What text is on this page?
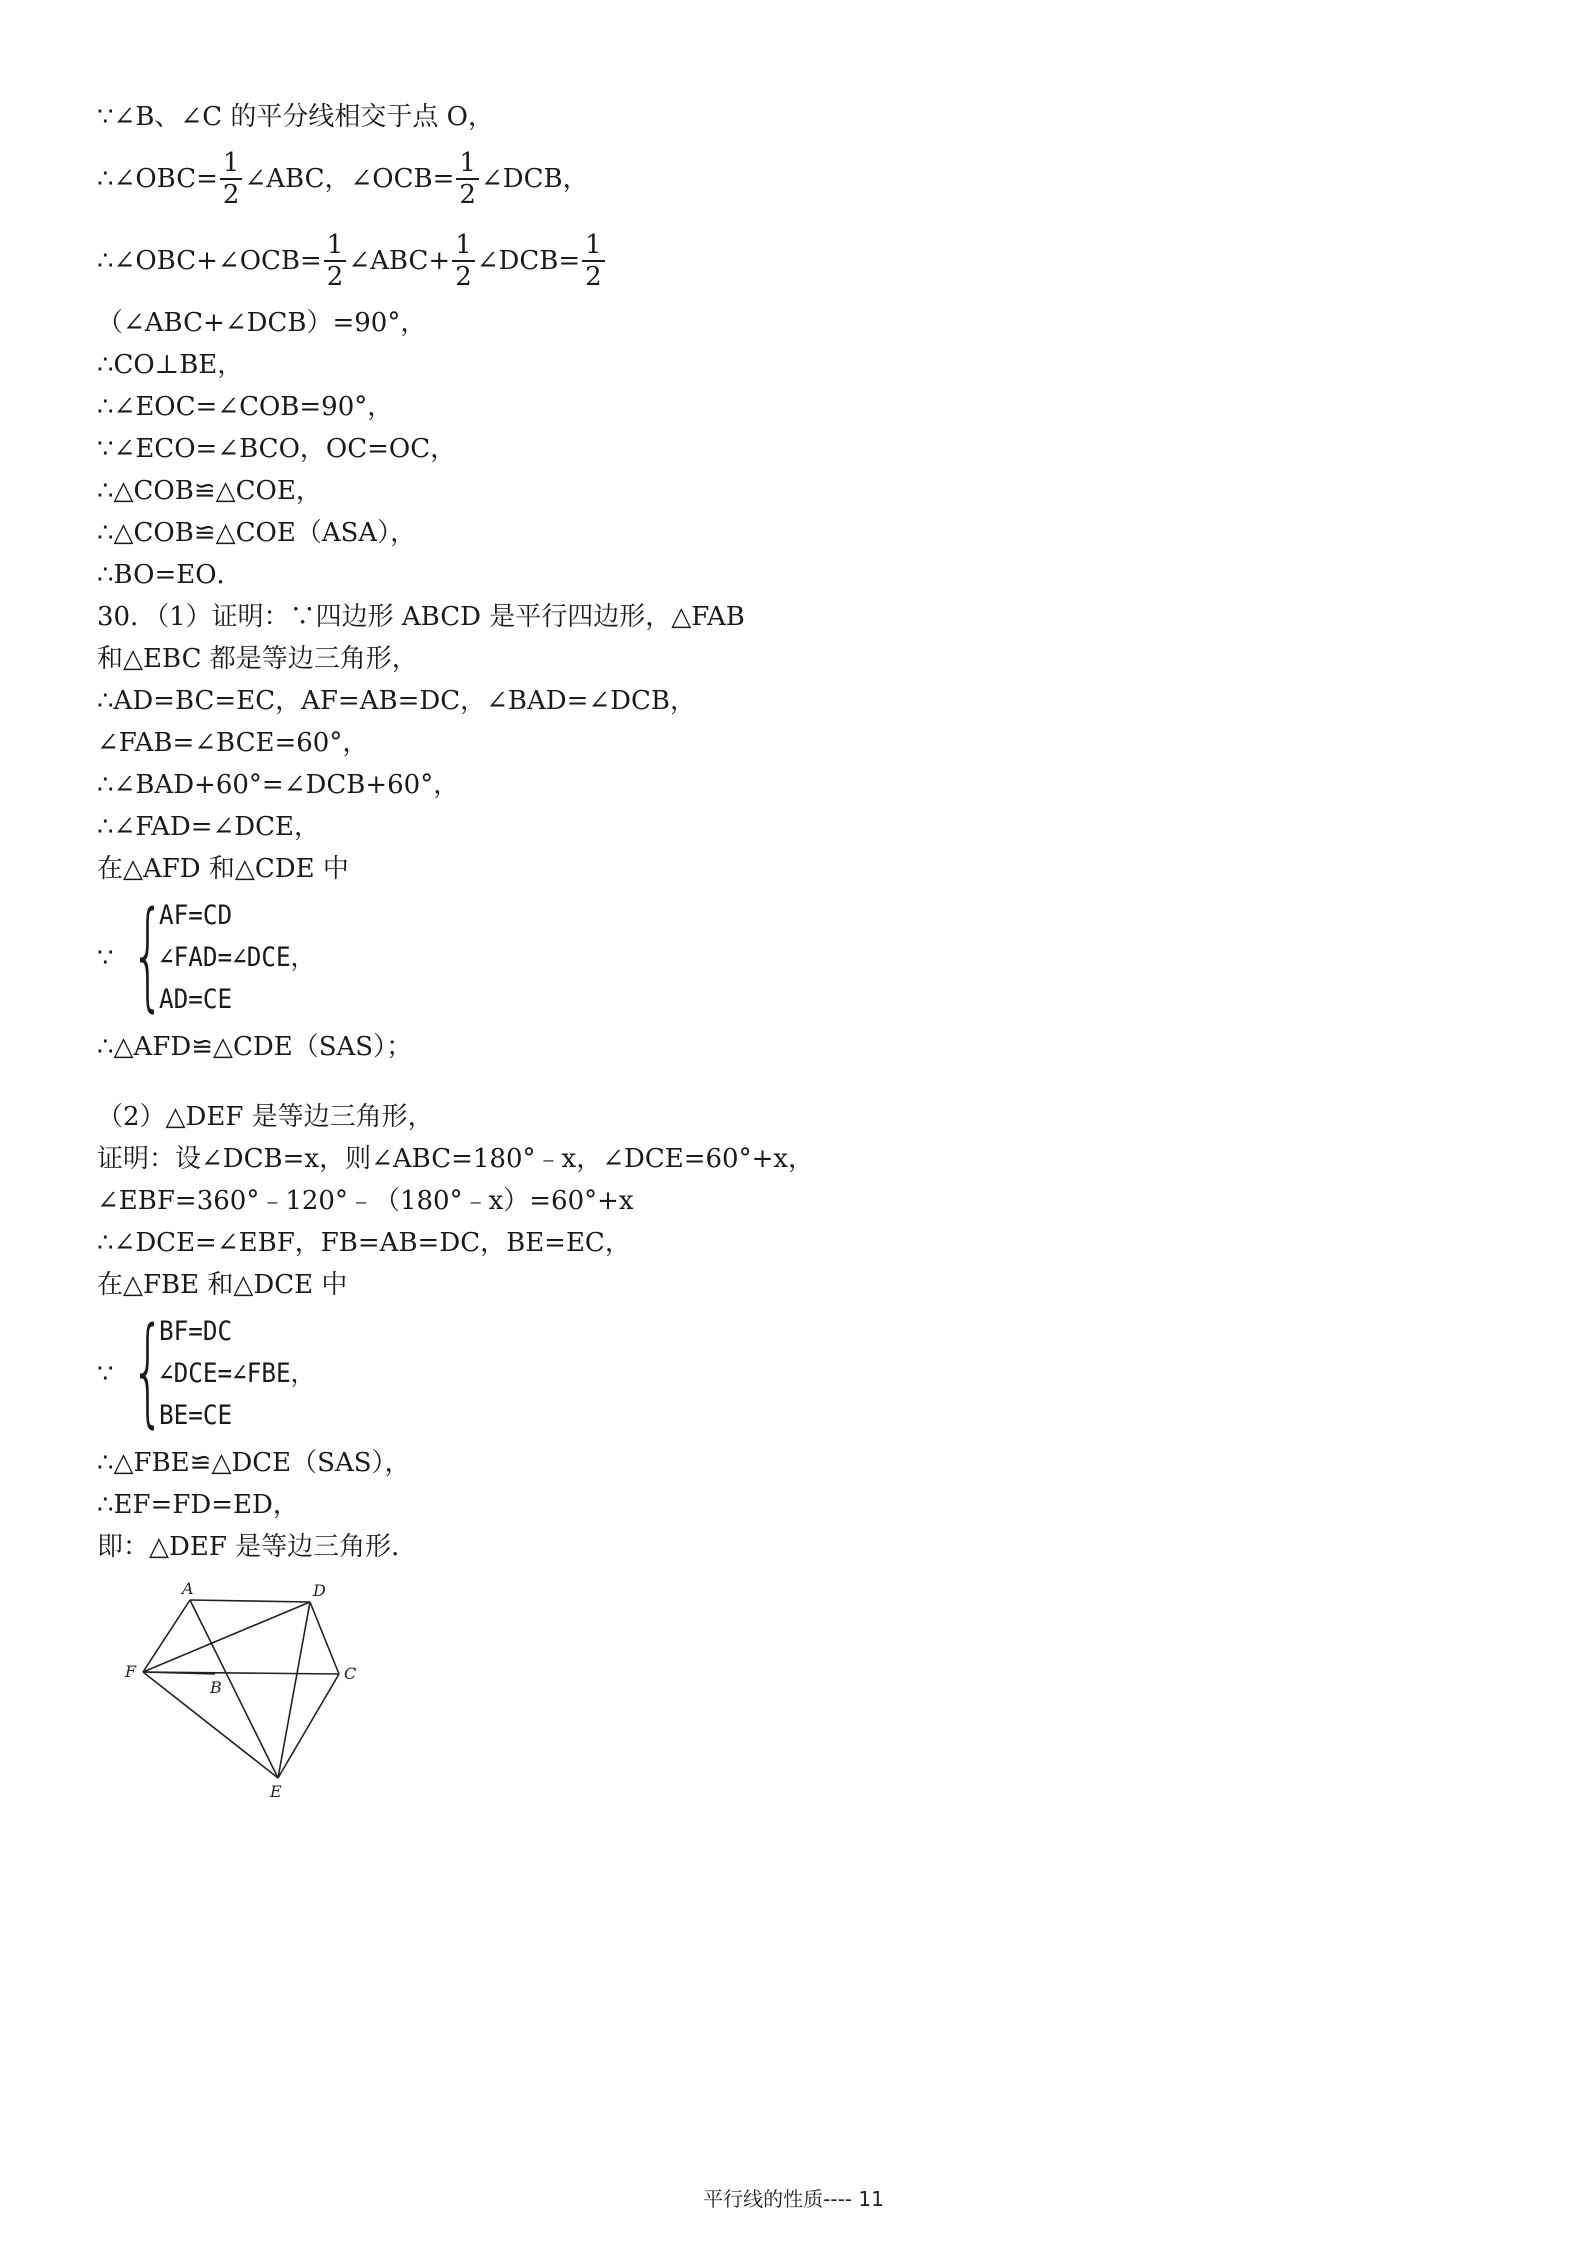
∵∠B、∠C 的平分线相交于点 O，
∴∠OBC= $\frac{1}{2}$ ∠ABC，∠OCB= $\frac{1}{2}$ ∠DCB，
∴∠OBC+∠OCB= $\frac{1}{2}$ ∠ABC+ $\frac{1}{2}$ ∠DCB= $\frac{1}{2}$
（∠ABC+∠DCB）=90°，
∴CO⊥BE，
∴∠EOC=∠COB=90°，
∵∠ECO=∠BCO，OC=OC，
∴△COB≌△COE，
∴△COB≌△COE（ASA），
∴BO=EO．
30．（1）证明：∵四边形 ABCD 是平行四边形，△FAB
和△EBC 都是等边三角形，
∴AD=BC=EC，AF=AB=DC，∠BAD=∠DCB，
∠FAB=∠BCE=60°，
∴∠BAD+60°=∠DCB+60°，
∴∠FAD=∠DCE，
在△AFD 和△CDE 中
∵ {
AF=CD
∠FAD=∠DCE，
AD=CE
∴△AFD≌△CDE（SAS）；
（2）△DEF 是等边三角形，
证明：设∠DCB=x，则∠ABC=180°﹣x，∠DCE=60°+x，
∠EBF=360°﹣120°﹣（180°﹣x）=60°+x
∴∠DCE=∠EBF，FB=AB=DC，BE=EC，
在△FBE 和△DCE 中
∵ {
BF=DC
∠DCE=∠FBE，
BE=CE
∴△FBE≌△DCE（SAS），
∴EF=FD=ED，
即：△DEF 是等边三角形．
A	D
F
B
C
E
平行线的性质---- 11
